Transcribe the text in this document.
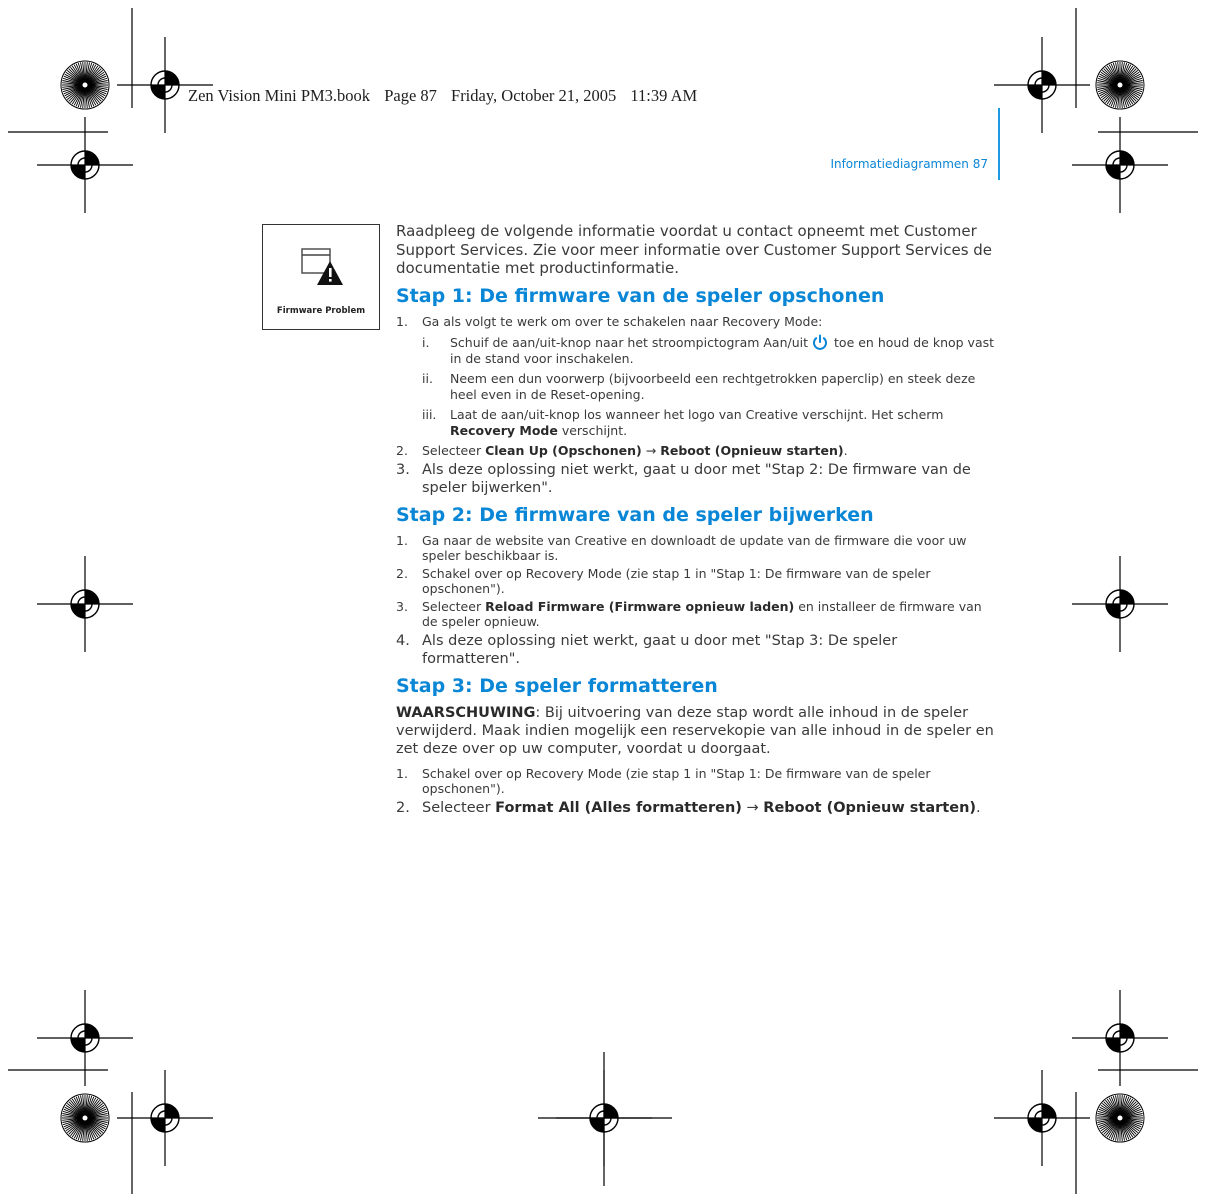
Zen Vision Mini PM3.book Page 87 Friday, October 21, 2005 11:39 AM
Informatiediagrammen 87
Firmware Problem

Raadpleeg de volgende informatie voordat u contact opneemt met Customer Support Services. Zie voor meer informatie over Customer Support Services de documentatie met productinformatie.

Stap 1: De firmware van de speler opschonen
1. Ga als volgt te werk om over te schakelen naar Recovery Mode:
i.	Schuif de aan/uit-knop naar het stroompictogram Aan/uit toe en houd de knop vast in de stand voor inschakelen.
ii.	Neem een dun voorwerp (bijvoorbeeld een rechtgetrokken paperclip) en steek deze heel even in de Reset-opening.
iii.	Laat de aan/uit-knop los wanneer het logo van Creative verschijnt. Het scherm Recovery Mode verschijnt.
2. Selecteer Clean Up (Opschonen) → Reboot (Opnieuw starten).
3. Als deze oplossing niet werkt, gaat u door met "Stap 2: De firmware van de speler bijwerken".
Stap 2: De firmware van de speler bijwerken
1. Ga naar de website van Creative en downloadt de update van de firmware die voor uw speler beschikbaar is.
2. Schakel over op Recovery Mode (zie stap 1 in "Stap 1: De firmware van de speler opschonen").
3. Selecteer Reload Firmware (Firmware opnieuw laden) en installeer de firmware van de speler opnieuw.
4. Als deze oplossing niet werkt, gaat u door met "Stap 3: De speler formatteren".
Stap 3: De speler formatteren

WAARSCHUWING: Bij uitvoering van deze stap wordt alle inhoud in de speler verwijderd. Maak indien mogelijk een reservekopie van alle inhoud in de speler en zet deze over op uw computer, voordat u doorgaat.

1. Schakel over op Recovery Mode (zie stap 1 in "Stap 1: De firmware van de speler opschonen").
2. Selecteer Format All (Alles formatteren) → Reboot (Opnieuw starten).
